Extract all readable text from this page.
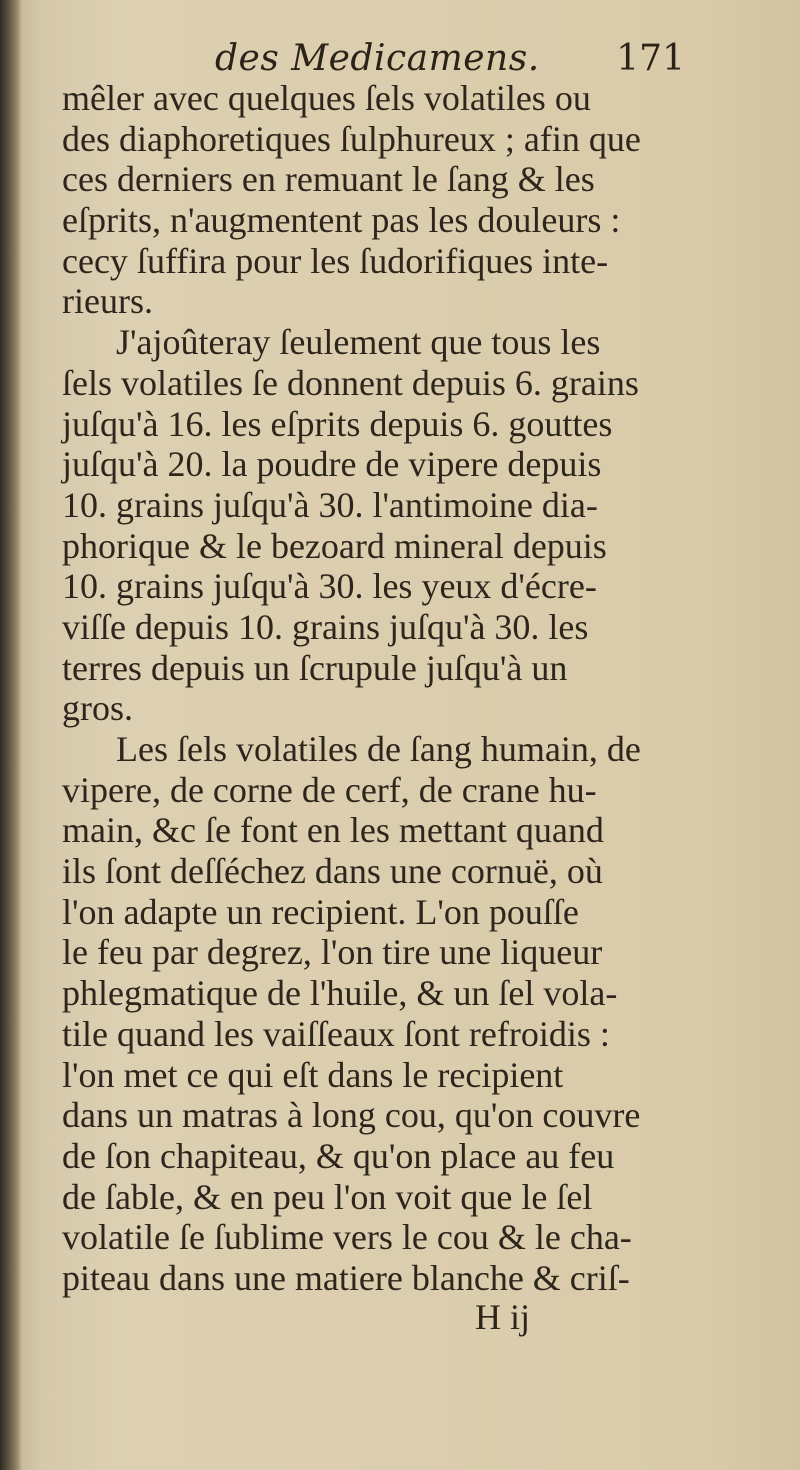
des Medicamens. 171
mêler avec quelques ſels volatiles ou
des diaphoretiques ſulphureux ; afin que
ces derniers en remuant le ſang & les
eſprits, n'augmentent pas les douleurs :
cecy ſuffira pour les ſudorifiques inte-
rieurs.
J'ajoûteray ſeulement que tous les
ſels volatiles ſe donnent depuis 6. grains
juſqu'à 16. les eſprits depuis 6. gouttes
juſqu'à 20. la poudre de vipere depuis
10. grains juſqu'à 30. l'antimoine dia-
phorique & le bezoard mineral depuis
10. grains juſqu'à 30. les yeux d'écre-
viſſe depuis 10. grains juſqu'à 30. les
terres depuis un ſcrupule juſqu'à un
gros.
Les ſels volatiles de ſang humain, de
vipere, de corne de cerf, de crane hu-
main, &c ſe font en les mettant quand
ils ſont deſſéchez dans une cornuë, où
l'on adapte un recipient. L'on pouſſe
le feu par degrez, l'on tire une liqueur
phlegmatique de l'huile, & un ſel vola-
tile quand les vaiſſeaux ſont refroidis :
l'on met ce qui eſt dans le recipient
dans un matras à long cou, qu'on couvre
de ſon chapiteau, & qu'on place au feu
de ſable, & en peu l'on voit que le ſel
volatile ſe ſublime vers le cou & le cha-
piteau dans une matiere blanche & criſ-
H ij
